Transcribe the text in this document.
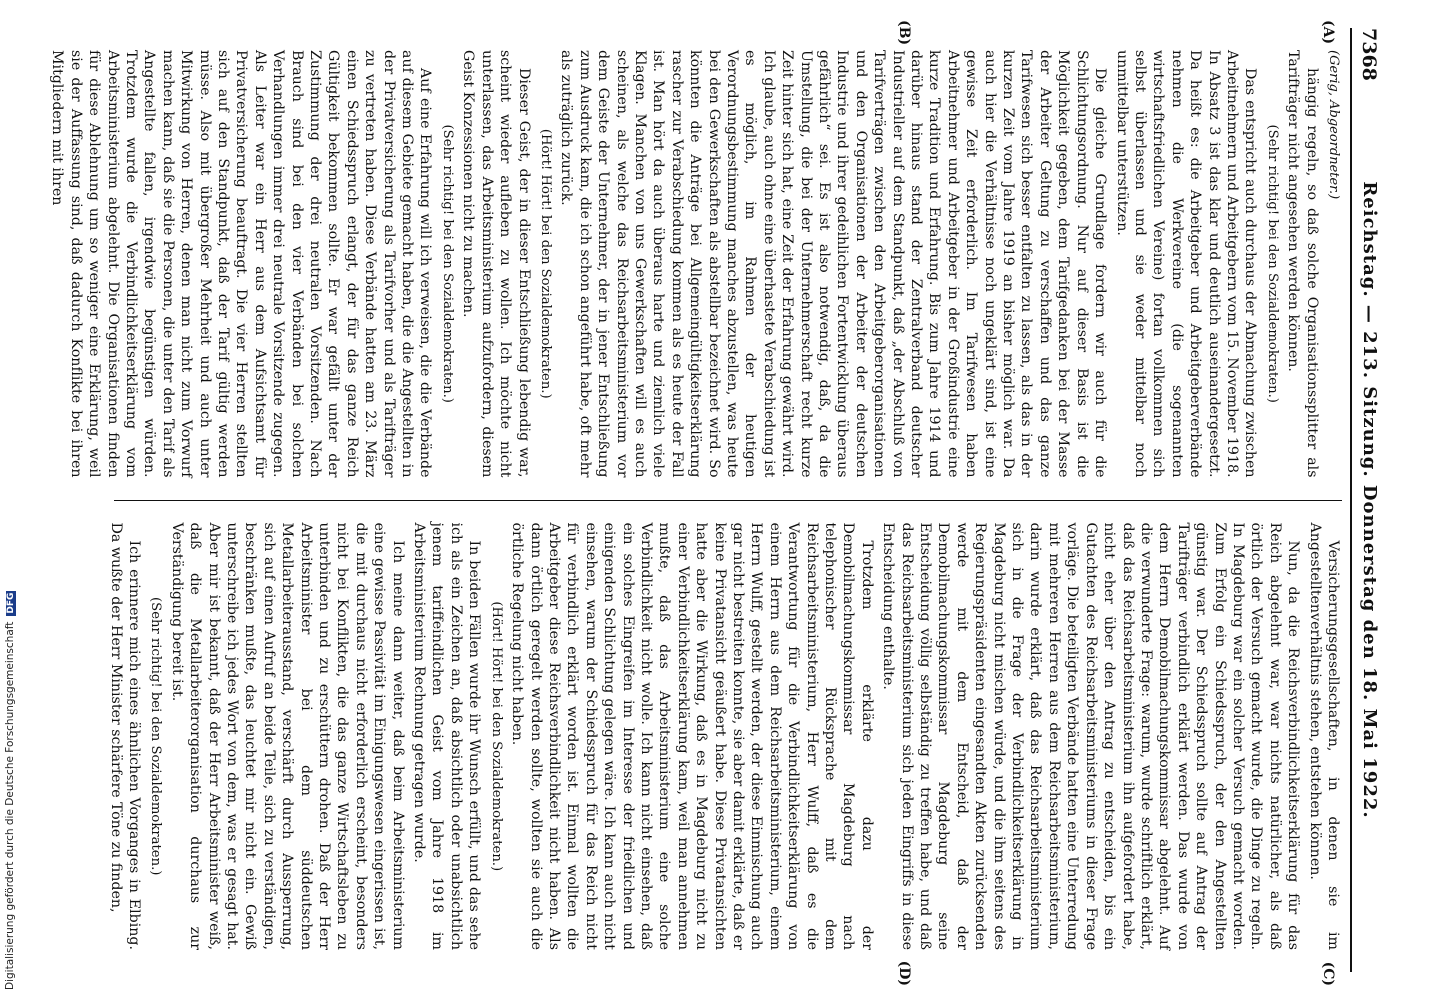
Digitalisierung gefördert durch die Deutsche ForschungsgemeinschaftDFG
7368
Reichstag. — 213. Sitzung. Donnerstag den 18. Mai 1922.
(A)
(B)

(Gerig, Abgeordneter.)

hängig regeln, so daß solche Organisationssplitter als Tarifträger nicht angesehen werden können.

(Sehr richtig! bei den Sozialdemokraten.)

Das entspricht auch durchaus der Abmachung zwischen Arbeitnehmern und Arbeitgebern vom 15. November 1918. In Absatz 3 ist das klar und deutlich auseinandergesetzt. Da heißt es: die Arbeitgeber und Arbeitgeberverbände nehmen die Werkvereine (die sogenannten wirtschaftsfriedlichen Vereine) fortan vollkommen sich selbst überlassen und sie weder mittelbar noch unmittelbar unterstützen.

Die gleiche Grundlage fordern wir auch für die Schlichtungsordnung. Nur auf dieser Basis ist die Möglichkeit gegeben, dem Tarifgedanken bei der Masse der Arbeiter Geltung zu verschaffen und das ganze Tarifwesen sich besser entfalten zu lassen, als das in der kurzen Zeit vom Jahre 1919 an bisher möglich war. Da auch hier die Verhältnisse noch ungeklärt sind, ist eine gewisse Zeit erforderlich. Im Tarifwesen haben Arbeitnehmer und Arbeitgeber in der Großindustrie eine kurze Tradition und Erfahrung. Bis zum Jahre 1914 und darüber hinaus stand der Zentralverband deutscher Industrieller auf dem Standpunkt, daß „der Abschluß von Tarifverträgen zwischen den Arbeitgeberorganisationen und den Organisationen der Arbeiter der deutschen Industrie und ihrer gedeihlichen Fortentwicklung überaus gefährlich“ sei. Es ist also notwendig, daß, da die Umstellung, die bei der Unternehmerschaft recht kurze Zeit hinter sich hat, eine Zeit der Erfahrung gewährt wird. Ich glaube, auch ohne eine überhastete Verabschiedung ist es möglich, im Rahmen der heutigen Verordnungsbestimmung manches abzustellen, was heute bei den Gewerkschaften als abstellbar bezeichnet wird. So könnten die Anträge bei Allgemeingültigkeitserklärung rascher zur Verabschiedung kommen als es heute der Fall ist. Man hört da auch überaus harte und ziemlich viele Klagen. Manchen von uns Gewerkschaften will es auch scheinen, als welche das Reichsarbeitsministerium vor dem Geiste der Unternehmer, der in jener Entschließung zum Ausdruck kam, die ich schon angeführt habe, oft mehr als zuträglich zurück.

(Hört! Hört! bei den Sozialdemokraten.)

Dieser Geist, der in dieser Entschließung lebendig war, scheint wieder aufleben zu wollen. Ich möchte nicht unterlassen, das Arbeitsministerium aufzufordern, diesem Geist Konzessionen nicht zu machen.

(Sehr richtig! bei den Sozialdemokraten.)

Auf eine Erfahrung will ich verweisen, die die Verbände auf diesem Gebiete gemacht haben, die die Angestellten in der Privatversicherung als Tarifvorher und als Tarifträger zu vertreten haben. Diese Verbände hatten am 23. März einen Schiedsspruch erlangt, der für das ganze Reich Gültigkeit bekommen sollte. Er war gefällt unter der Zustimmung der drei neutralen Vorsitzenden. Nach Brauch sind bei den vier Verbänden bei solchen Verhandlungen immer drei neutrale Vorsitzende zugegen. Als Leiter war ein Herr aus dem Aufsichtsamt für Privatversicherung beauftragt. Die vier Herren stellten sich auf den Standpunkt, daß der Tarif gültig werden müsse. Also mit übergroßer Mehrheit und auch unter Mitwirkung von Herren, denen man nicht zum Vorwurf machen kann, daß sie die Personen, die unter den Tarif als Angestellte fallen, irgendwie begünstigen würden. Trotzdem wurde die Verbindlichkeitserklärung vom Arbeitsministerium abgelehnt. Die Organisationen finden für diese Ablehnung um so weniger eine Erklärung, weil sie der Auffassung sind, daß dadurch Konflikte bei ihren Mitgliedern mit ihren

(C)
(D)

Versicherungsgesellschaften, in denen sie im Angestelltenverhältnis stehen, entstehen können.

Nun, da die Reichsverbindlichkeitserklärung für das Reich abgelehnt war, war nichts natürlicher, als daß örtlich der Versuch gemacht wurde, die Dinge zu regeln. In Magdeburg war ein solcher Versuch gemacht worden. Zum Erfolg ein Schiedsspruch, der den Angestellten günstig war. Der Schiedsspruch sollte auf Antrag der Tarifträger verbindlich erklärt werden. Das wurde von dem Herrn Demobilmachungskommissar abgelehnt. Auf die verwunderte Frage: warum, wurde schriftlich erklärt, daß das Reichsarbeitsministerium ihn aufgefordert habe, nicht eher über den Antrag zu entscheiden, bis ein Gutachten des Reichsarbeitsministeriums in dieser Frage vorläge. Die beteiligten Verbände hatten eine Unterredung mit mehreren Herren aus dem Reichsarbeitsministerium, darin wurde erklärt, daß das Reichsarbeitsministerium sich in die Frage der Verbindlichkeitserklärung in Magdeburg nicht mischen würde, und die ihm seitens des Regierungspräsidenten eingesandten Akten zurücksenden werde mit dem Entscheid, daß der Demobilmachungskommissar Magdeburg seine Entscheidung völlig selbständig zu treffen habe, und daß das Reichsarbeitsministerium sich jeden Eingriffs in diese Entscheidung enthalte.

Trotzdem erklärte dazu der Demobilmachungskommissar Magdeburg nach telephonischer Rücksprache mit dem Reichsarbeitsministerium, Herr Wulff, daß es die Verantwortung für die Verbindlichkeitserklärung von einem Herrn aus dem Reichsarbeitsministerium, einem Herrn Wulff, gestellt werden, der diese Einmischung auch gar nicht bestreiten konnte, sie aber damit erklärte, daß er keine Privatansicht geäußert habe. Diese Privatansichten hatte aber die Wirkung, daß es in Magdeburg nicht zu einer Verbindlichkeitserklärung kam, weil man annehmen mußte, daß das Arbeitsministerium eine solche Verbindlichkeit nicht wolle. Ich kann nicht einsehen, daß ein solches Eingreifen im Interesse der friedlichen und einigenden Schlichtung gelegen wäre. Ich kann auch nicht einsehen, warum der Schiedsspruch für das Reich nicht für verbindlich erklärt worden ist. Einmal wollten die Arbeitgeber diese Reichsverbindlichkeit nicht haben. Als dann örtlich geregelt werden sollte, wollten sie auch die örtliche Regelung nicht haben.

(Hört! Hört! bei den Sozialdemokraten.)

In beiden Fällen wurde ihr Wunsch erfüllt, und das sehe ich als ein Zeichen an, daß absichtlich oder unabsichtlich jenem tariffeindlichen Geist vom Jahre 1918 im Arbeitsministerium Rechnung getragen wurde.

Ich meine dann weiter, daß beim Arbeitsministerium eine gewisse Passivität im Einigungswesen eingerissen ist, die mit durchaus nicht erforderlich erscheint, besonders nicht bei Konflikten, die das ganze Wirtschaftsleben zu unterbinden und zu erschüttern drohen. Daß der Herr Arbeitsminister bei dem süddeutschen Metallarbeiterausstand, verschärft durch Aussperrung, sich auf einen Aufruf an beide Teile, sich zu verständigen, beschränken mußte, das leuchtet mir nicht ein. Gewiß unterschreibe ich jedes Wort von dem, was er gesagt hat. Aber mir ist bekannt, daß der Herr Arbeitsminister weiß, daß die Metallarbeiterorganisation durchaus zur Verständigung bereit ist.

(Sehr richtig! bei den Sozialdemokraten.)

Ich erinnere mich eines ähnlichen Vorganges in Elbing. Da wußte der Herr Minister schärfere Töne zu finden,
